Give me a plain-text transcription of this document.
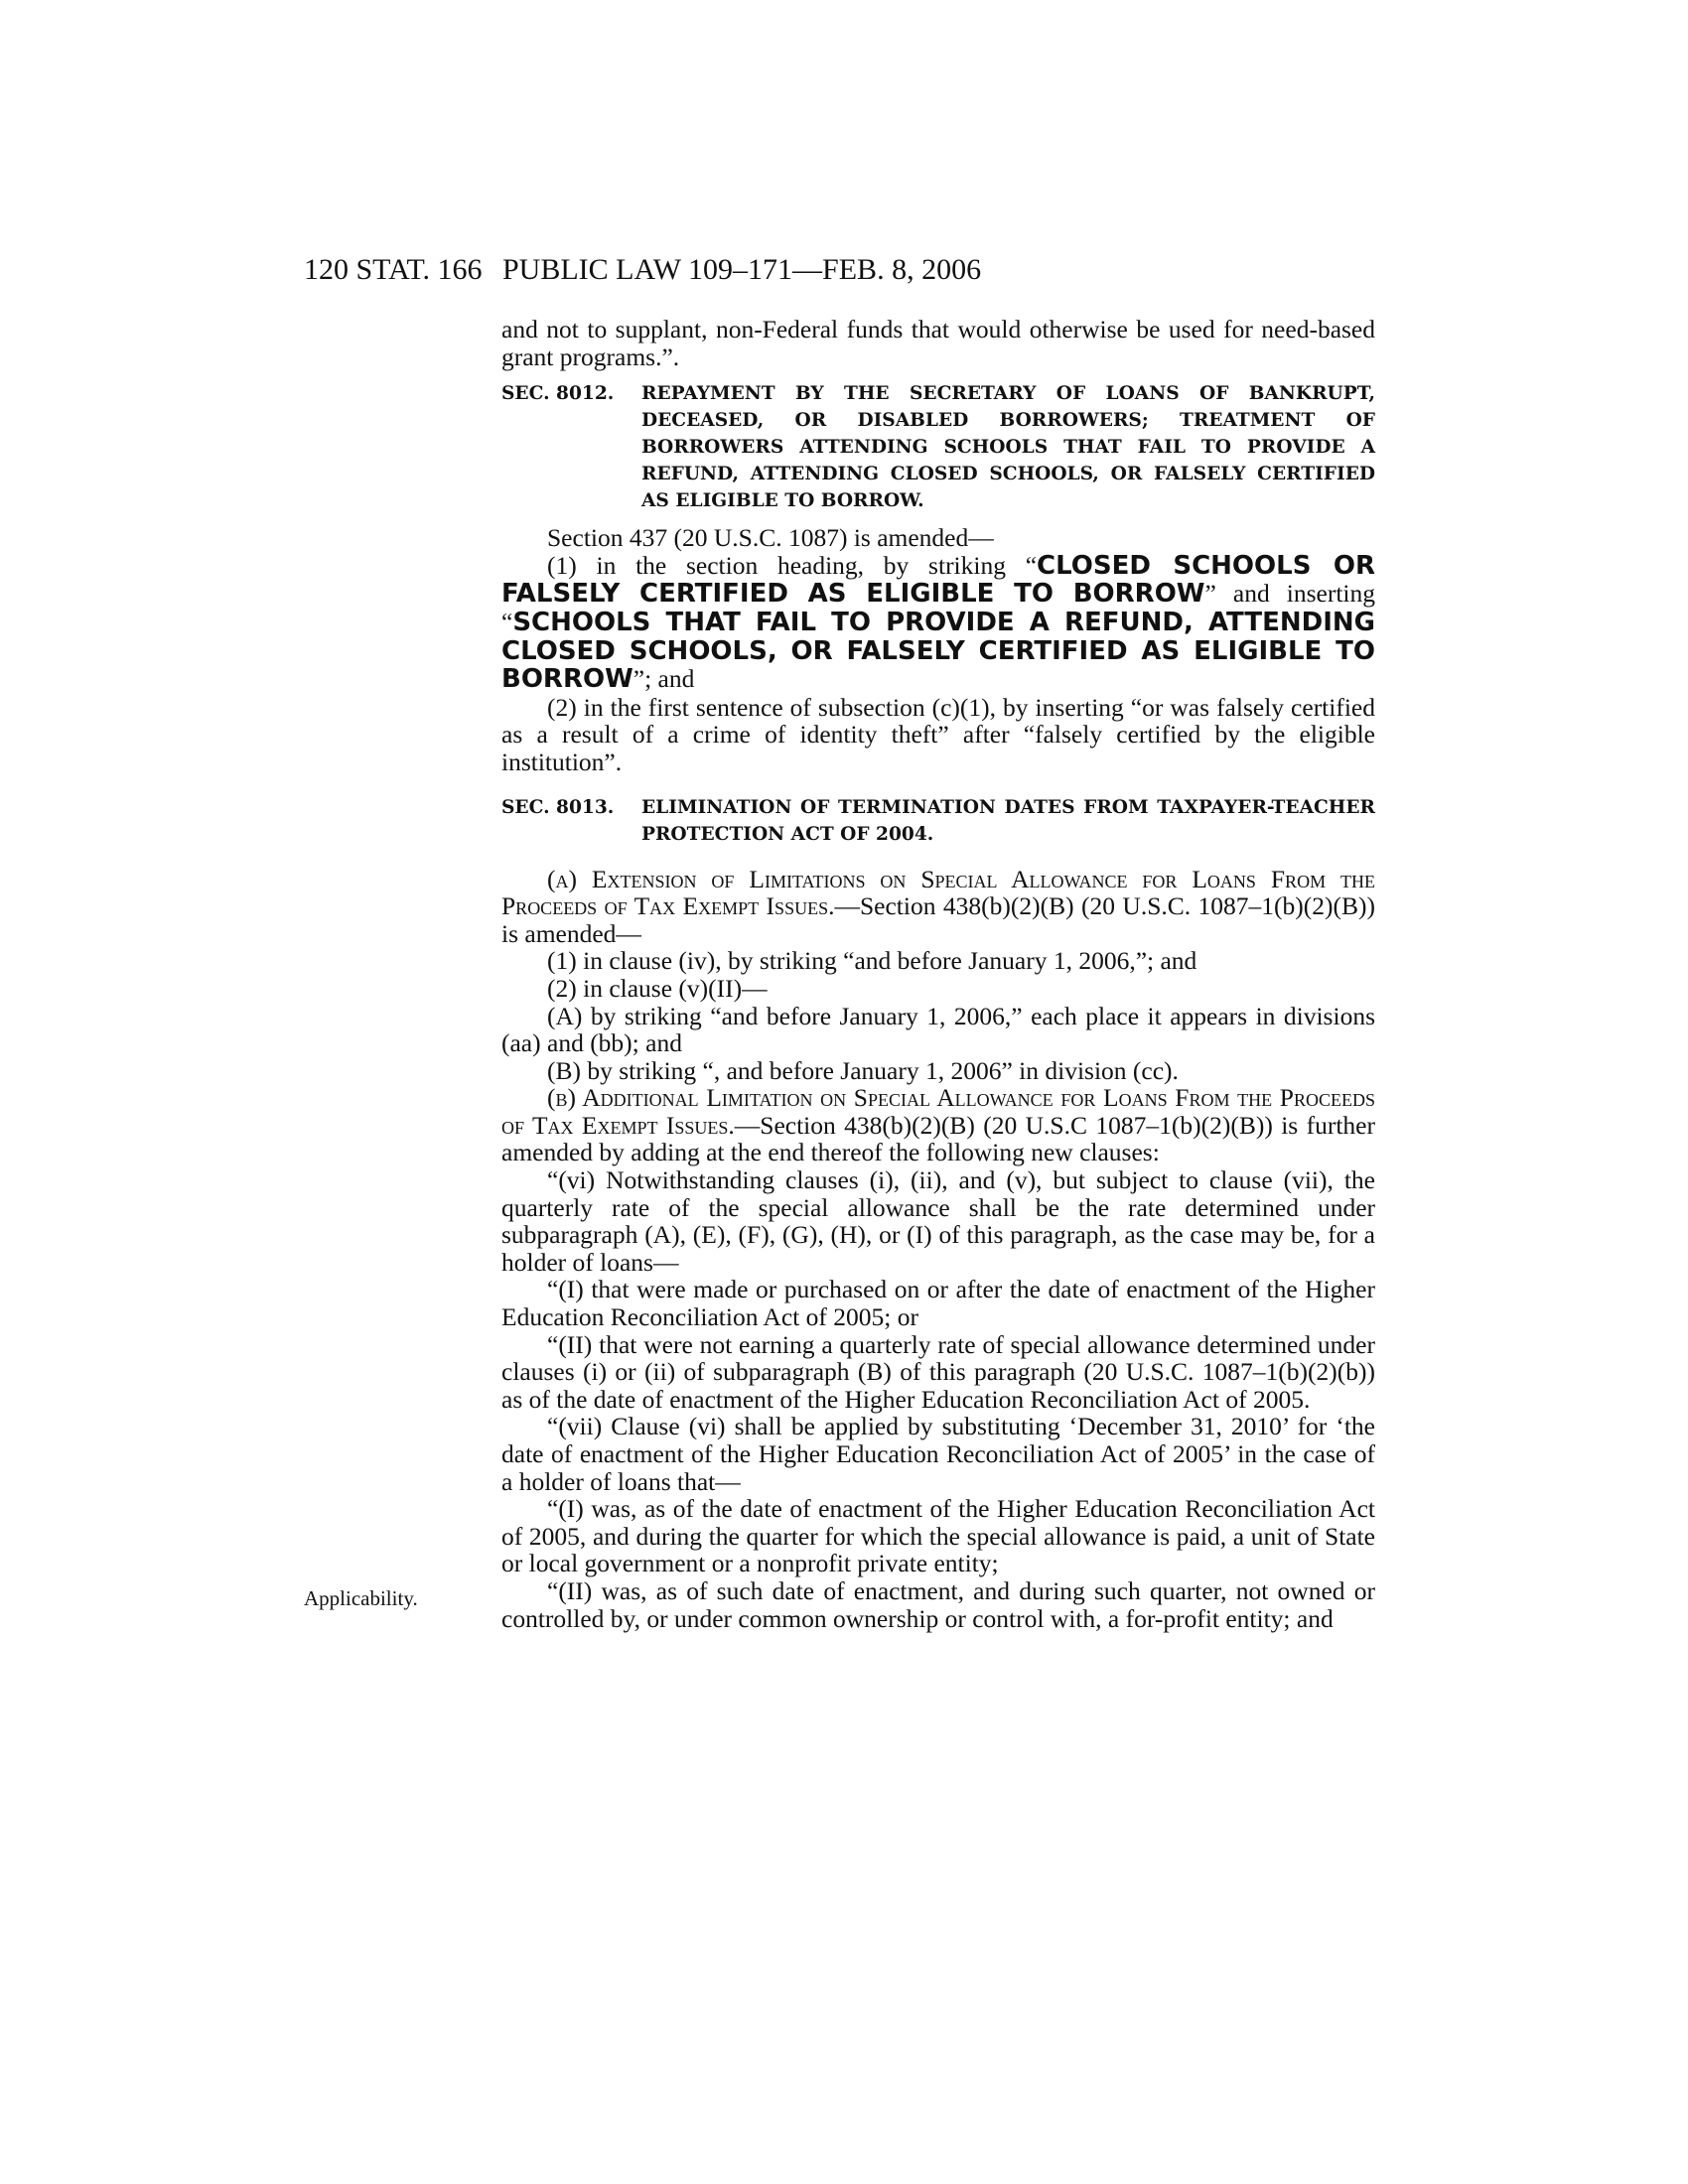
120 STAT. 166 PUBLIC LAW 109–171—FEB. 8, 2006
Applicability.

and not to supplant, non-Federal funds that would otherwise be used for need-based grant programs.”.

SEC. 8012. REPAYMENT BY THE SECRETARY OF LOANS OF BANKRUPT, DECEASED, OR DISABLED BORROWERS; TREATMENT OF BORROWERS ATTENDING SCHOOLS THAT FAIL TO PROVIDE A REFUND, ATTENDING CLOSED SCHOOLS, OR FALSELY CERTIFIED AS ELIGIBLE TO BORROW.

Section 437 (20 U.S.C. 1087) is amended—

(1) in the section heading, by striking “CLOSED SCHOOLS OR FALSELY CERTIFIED AS ELIGIBLE TO BORROW” and inserting “SCHOOLS THAT FAIL TO PROVIDE A REFUND, ATTENDING CLOSED SCHOOLS, OR FALSELY CERTIFIED AS ELIGIBLE TO BORROW”; and

(2) in the first sentence of subsection (c)(1), by inserting “or was falsely certified as a result of a crime of identity theft” after “falsely certified by the eligible institution”.

SEC. 8013. ELIMINATION OF TERMINATION DATES FROM TAXPAYER-TEACHER PROTECTION ACT OF 2004.

(a) Extension of Limitations on Special Allowance for Loans From the Proceeds of Tax Exempt Issues.—Section 438(b)(2)(B) (20 U.S.C. 1087–1(b)(2)(B)) is amended—

(1) in clause (iv), by striking “and before January 1, 2006,”; and

(2) in clause (v)(II)—

(A) by striking “and before January 1, 2006,” each place it appears in divisions (aa) and (bb); and

(B) by striking “, and before January 1, 2006” in division (cc).

(b) Additional Limitation on Special Allowance for Loans From the Proceeds of Tax Exempt Issues.—Section 438(b)(2)(B) (20 U.S.C 1087–1(b)(2)(B)) is further amended by adding at the end thereof the following new clauses:

“(vi) Notwithstanding clauses (i), (ii), and (v), but subject to clause (vii), the quarterly rate of the special allowance shall be the rate determined under subparagraph (A), (E), (F), (G), (H), or (I) of this paragraph, as the case may be, for a holder of loans—

“(I) that were made or purchased on or after the date of enactment of the Higher Education Reconciliation Act of 2005; or

“(II) that were not earning a quarterly rate of special allowance determined under clauses (i) or (ii) of subparagraph (B) of this paragraph (20 U.S.C. 1087–1(b)(2)(b)) as of the date of enactment of the Higher Education Reconciliation Act of 2005.

“(vii) Clause (vi) shall be applied by substituting ‘December 31, 2010’ for ‘the date of enactment of the Higher Education Reconciliation Act of 2005’ in the case of a holder of loans that—

“(I) was, as of the date of enactment of the Higher Education Reconciliation Act of 2005, and during the quarter for which the special allowance is paid, a unit of State or local government or a nonprofit private entity;

“(II) was, as of such date of enactment, and during such quarter, not owned or controlled by, or under common ownership or control with, a for-profit entity; and
